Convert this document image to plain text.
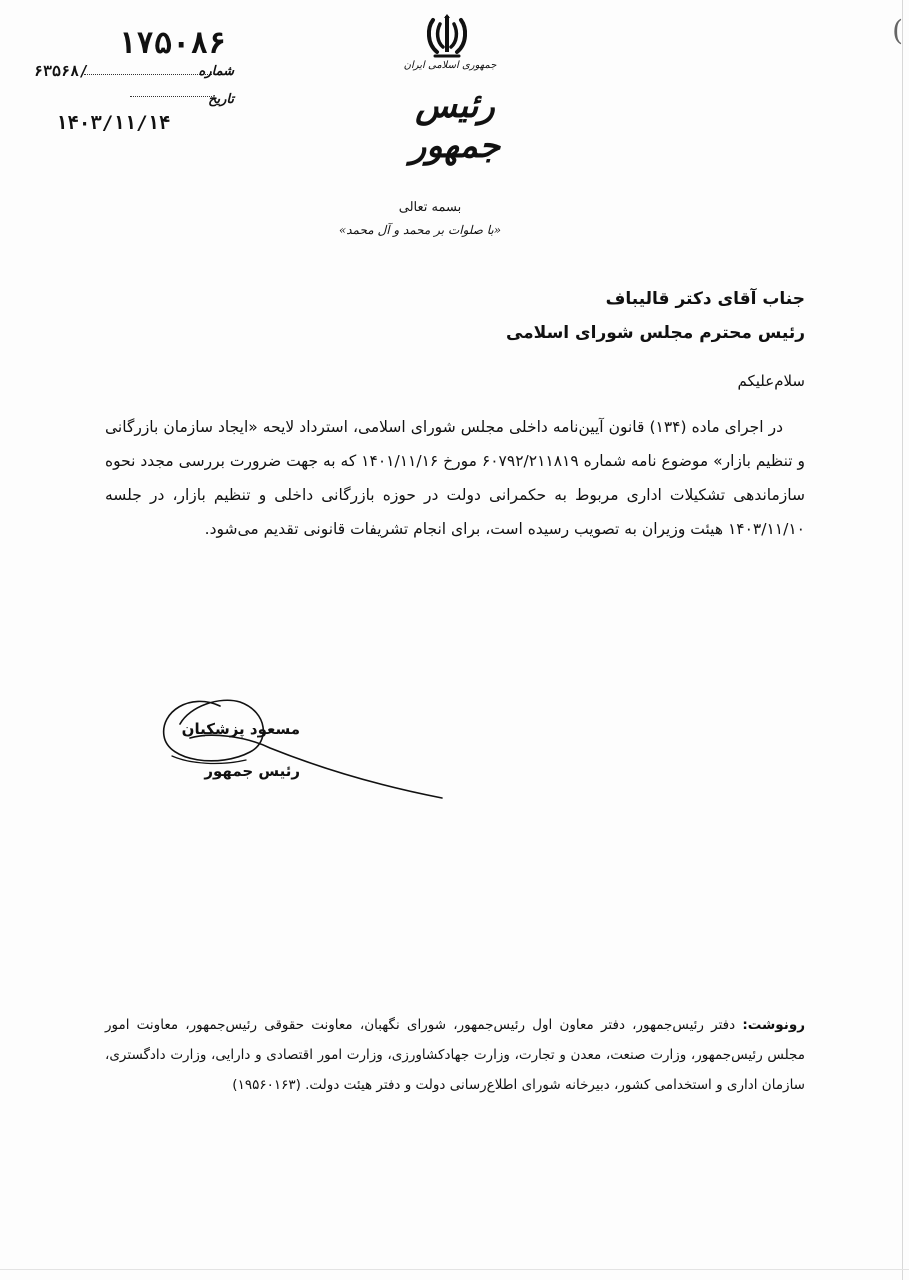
(
۱۷۵۰۸۶
۶۳۵۶۸/	شماره
تاریخ
۱۴۰۳/۱۱/۱۴
جمهوری اسلامی ایران
رئیس جمهور
بسمه تعالی
«با صلوات بر محمد و آل محمد»
جناب آقای دکتر قالیباف
رئیس محترم مجلس شورای اسلامی
سلام‌علیکم

در اجرای ماده (۱۳۴) قانون آیین‌نامه داخلی مجلس شورای اسلامی، استرداد لایحه «ایجاد سازمان بازرگانی و تنظیم بازار» موضوع نامه شماره ۶۰۷۹۲/۲۱۱۸۱۹ مورخ ۱۴۰۱/۱۱/۱۶ که به جهت ضرورت بررسی مجدد نحوه سازماندهی تشکیلات اداری مربوط به حکمرانی دولت در حوزه بازرگانی داخلی و تنظیم بازار، در جلسه ۱۴۰۳/۱۱/۱۰ هیئت وزیران به تصویب رسیده است، برای انجام تشریفات قانونی تقدیم می‌شود.

مسعود پزشکیان
رئیس جمهور
رونوشت: دفتر رئیس‌جمهور، دفتر معاون اول رئیس‌جمهور، شورای نگهبان، معاونت حقوقی رئیس‌جمهور، معاونت امور مجلس رئیس‌جمهور، وزارت صنعت، معدن و تجارت، وزارت جهادکشاورزی، وزارت امور اقتصادی و دارایی، وزارت دادگستری، سازمان اداری و استخدامی کشور، دبیرخانه شورای اطلاع‌رسانی دولت و دفتر هیئت دولت. (۱۹۵۶۰۱۶۳)
